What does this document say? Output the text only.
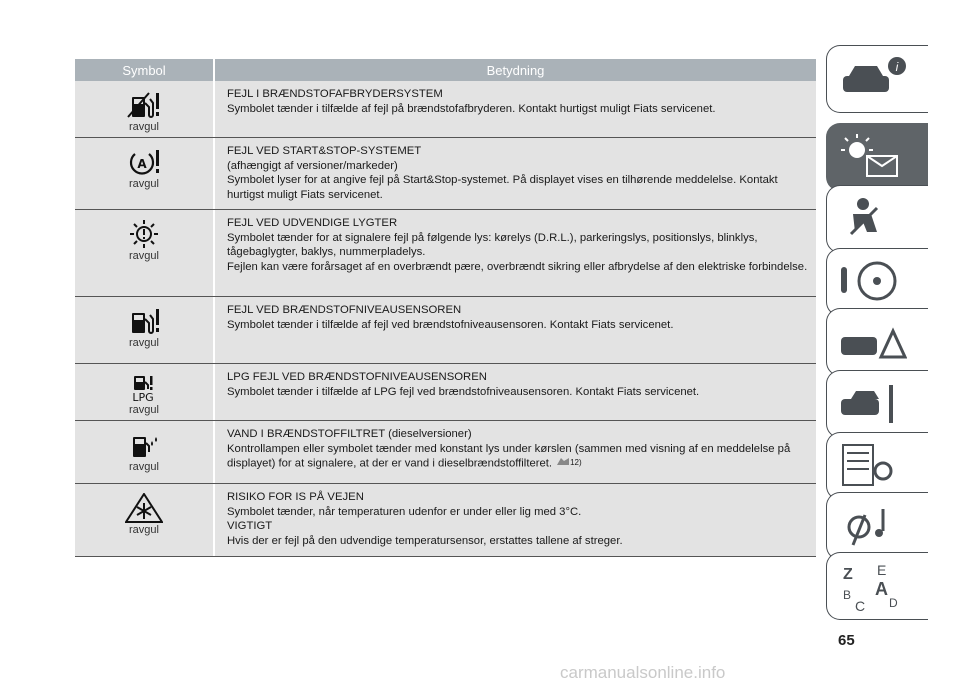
Symbol	Betydning
ravgul

FEJL I BRÆNDSTOFAFBRYDERSYSTEM

Symbolet tænder i tilfælde af fejl på brændstofafbryderen. Kontakt hurtigst muligt Fiats servicenet.

A
ravgul

FEJL VED START&STOP-SYSTEMET

(afhængigt af versioner/markeder)

Symbolet lyser for at angive fejl på Start&Stop-systemet. På displayet vises en tilhørende meddelelse. Kontakt hurtigst muligt Fiats servicenet.

ravgul

FEJL VED UDVENDIGE LYGTER

Symbolet tænder for at signalere fejl på følgende lys: kørelys (D.R.L.), parkeringslys, positionslys, blinklys, tågebaglygter, baklys, nummerpladelys.

Fejlen kan være forårsaget af en overbrændt pære, overbrændt sikring eller afbrydelse af den elektriske forbindelse.

ravgul

FEJL VED BRÆNDSTOFNIVEAUSENSOREN

Symbolet tænder i tilfælde af fejl ved brændstofniveausensoren. Kontakt Fiats servicenet.

LPG
ravgul

LPG FEJL VED BRÆNDSTOFNIVEAUSENSOREN

Symbolet tænder i tilfælde af LPG fejl ved brændstofniveausensoren. Kontakt Fiats servicenet.

ravgul

VAND I BRÆNDSTOFFILTRET (dieselversioner)

Kontrollampen eller symbolet tænder med konstant lys under kørslen (sammen med visning af en meddelelse på displayet) for at signalere, at der er vand i dieselbrændstoffilteret. 12)

ravgul

RISIKO FOR IS PÅ VEJEN

Symbolet tænder, når temperaturen udenfor er under eller lig med 3°C.

VIGTIGT

Hvis der er fejl på den udvendige temperatursensor, erstattes tallene af streger.

i
Z E
B A
C D
65
carmanualsonline.info
